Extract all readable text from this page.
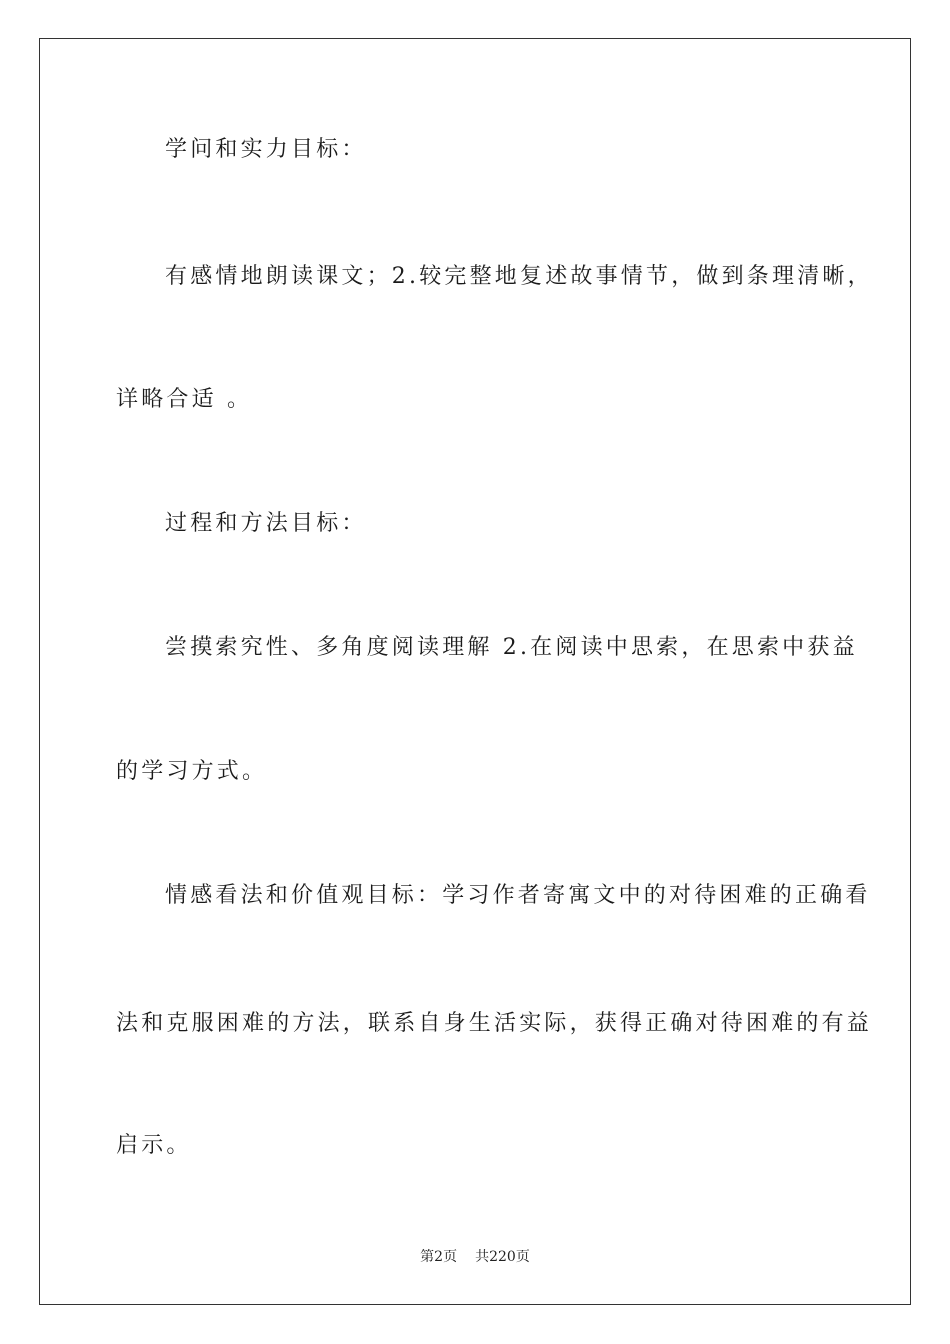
学问和实力目标：
有感情地朗读课文；2.较完整地复述故事情节，做到条理清晰，
详略合适 。
过程和方法目标：
尝摸索究性、多角度阅读理解 2.在阅读中思索，在思索中获益
的学习方式。
情感看法和价值观目标：学习作者寄寓文中的对待困难的正确看
法和克服困难的方法，联系自身生活实际，获得正确对待困难的有益
启示。
第2页 共220页
